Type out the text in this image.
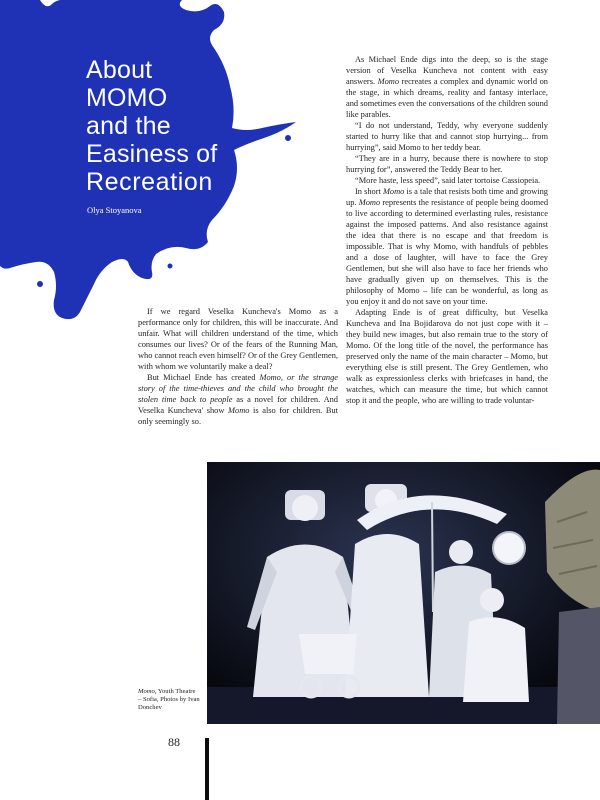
About
MOMO
and the
Easiness of
Recreation
Olya Stoyanova

If we regard Veselka Kuncheva's Momo as a performance only for children, this will be inaccurate. And unfair. What will children understand of the time, which consumes our lives? Or of the fears of the Running Man, who cannot reach even himself? Or of the Grey Gentlemen, with whom we voluntarily make a deal?

But Michael Ende has created Momo, or the strange story of the time-thieves and the child who brought the stolen time back to people as a novel for children. And Veselka Kuncheva' show Momo is also for children. But only seemingly so.

As Michael Ende digs into the deep, so is the stage version of Veselka Kuncheva not content with easy answers. Momo recreates a complex and dynamic world on the stage, in which dreams, reality and fantasy interlace, and sometimes even the conversations of the children sound like parables.

“I do not understand, Teddy, why everyone suddenly started to hurry like that and cannot stop hurrying... from hurrying”, said Momo to her teddy bear.

“They are in a hurry, because there is nowhere to stop hurrying for”, answered the Teddy Bear to her.

“More haste, less speed”, said later tortoise Cassiopeia.

In short Momo is a tale that resists both time and growing up. Momo represents the resistance of people being doomed to live according to determined everlasting rules, resistance against the imposed patterns. And also resistance against the idea that there is no escape and that freedom is impossible. That is why Momo, with handfuls of pebbles and a dose of laughter, will have to face the Grey Gentlemen, but she will also have to face her friends who have gradually given up on themselves. This is the philosophy of Momo – life can be wonderful, as long as you enjoy it and do not save on your time.

Adapting Ende is of great difficulty, but Veselka Kuncheva and Ina Bojidarova do not just cope with it – they build new images, but also remain true to the story of Momo. Of the long title of the novel, the performance has preserved only the name of the main character – Momo, but everything else is still present. The Grey Gentlemen, who walk as expressionless clerks with briefcases in hand, the watches, which can measure the time, but which cannot stop it and the people, who are willing to trade voluntar-

Momo, Youth Theatre – Sofia, Photos by Ivan Donchev
88
